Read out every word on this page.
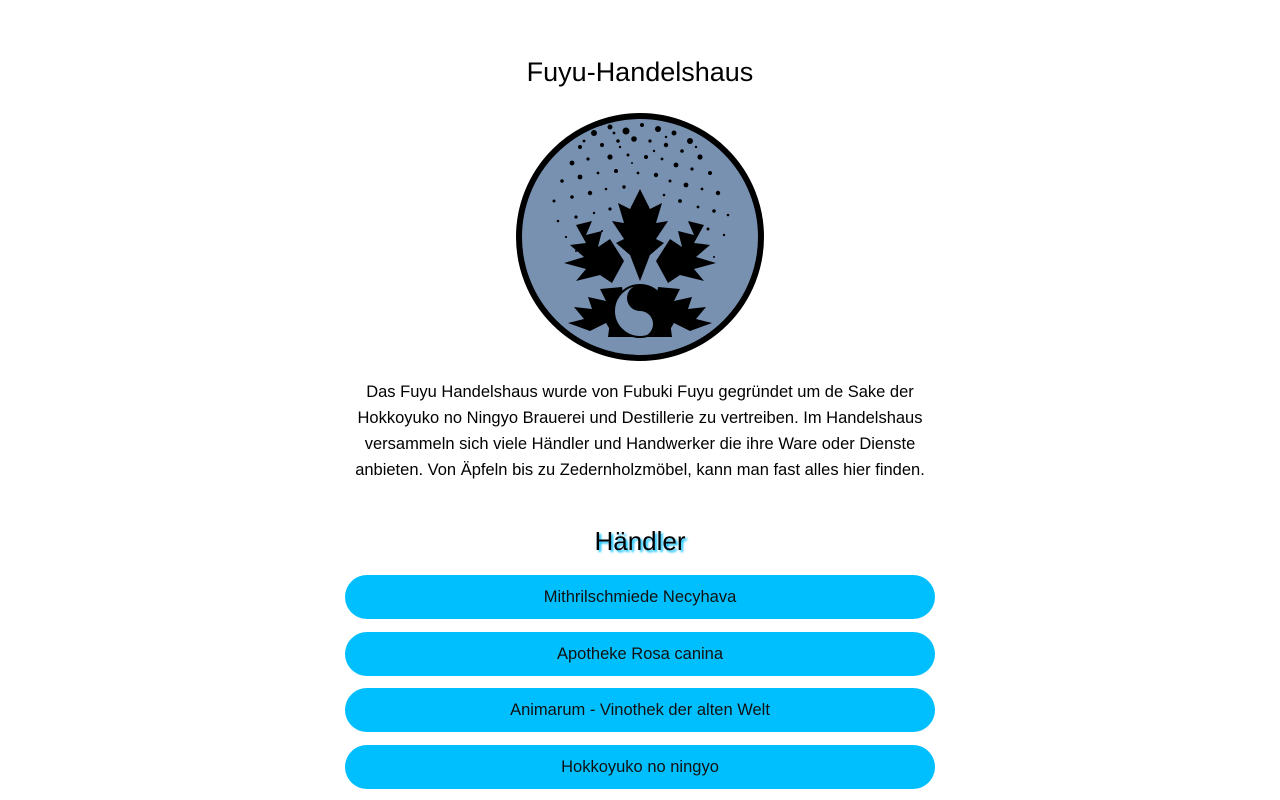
Fuyu-Handelshaus

Das Fuyu Handelshaus wurde von Fubuki Fuyu gegründet um de Sake der Hokkoyuko no Ningyo Brauerei und Destillerie zu vertreiben. Im Handelshaus versammeln sich viele Händler und Handwerker die ihre Ware oder Dienste anbieten. Von Äpfeln bis zu Zedernholzmöbel, kann man fast alles hier finden.

Händler
Mithrilschmiede Necyhava
Apotheke Rosa canina
Animarum - Vinothek der alten Welt
Hokkoyuko no ningyo
